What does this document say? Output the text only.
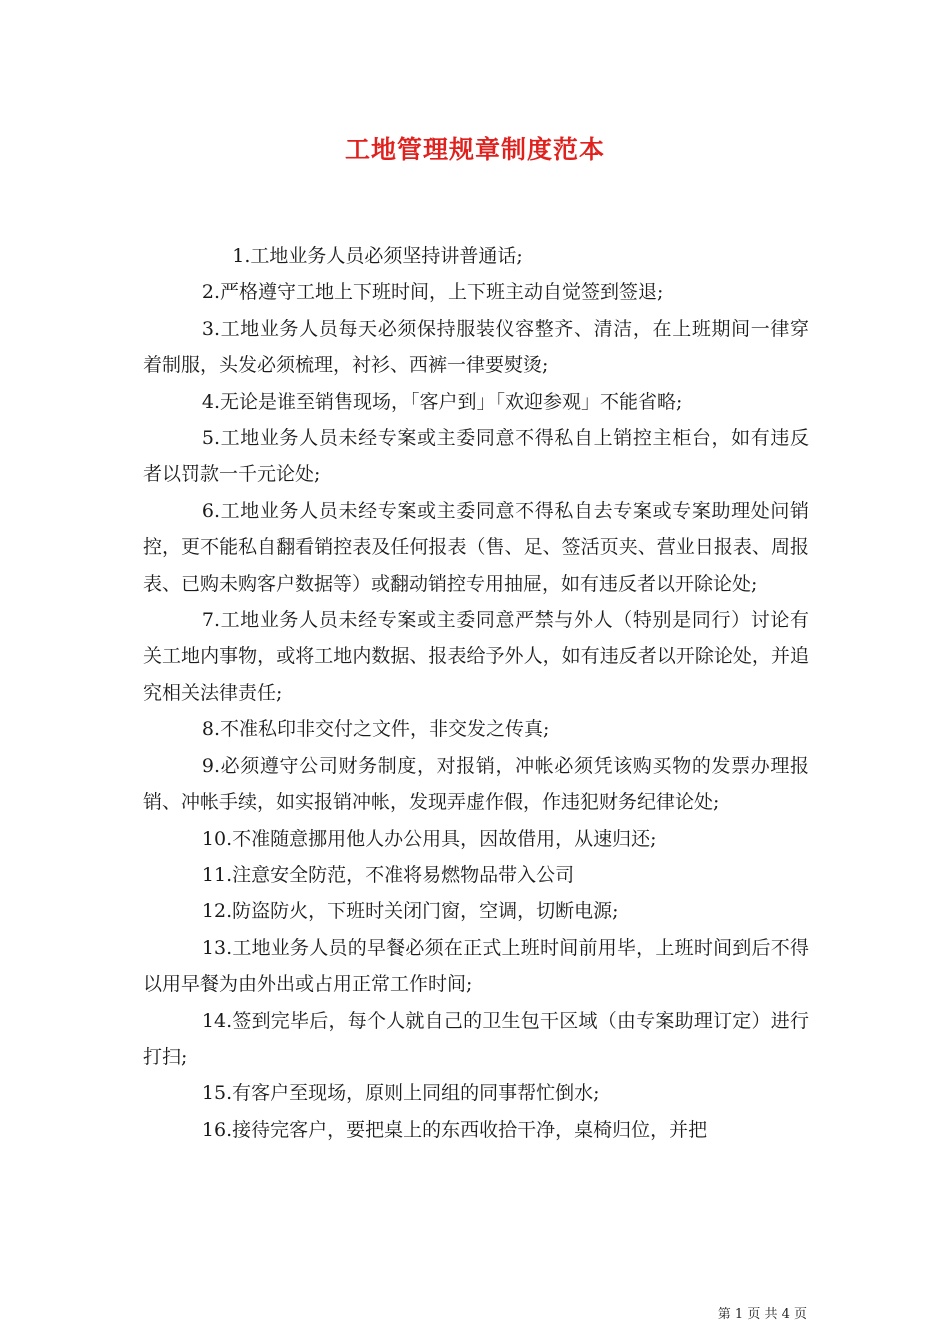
工地管理规章制度范本

1.工地业务人员必须坚持讲普通话;

2.严格遵守工地上下班时间，上下班主动自觉签到签退;

3.工地业务人员每天必须保持服装仪容整齐、清洁，在上班期间一律穿着制服，头发必须梳理，衬衫、西裤一律要熨烫;

4.无论是谁至销售现场，「客户到」「欢迎参观」不能省略;

5.工地业务人员未经专案或主委同意不得私自上销控主柜台，如有违反者以罚款一千元论处;

6.工地业务人员未经专案或主委同意不得私自去专案或专案助理处问销控，更不能私自翻看销控表及任何报表（售、足、签活页夹、营业日报表、周报表、已购未购客户数据等）或翻动销控专用抽屉，如有违反者以开除论处;

7.工地业务人员未经专案或主委同意严禁与外人（特别是同行）讨论有关工地内事物，或将工地内数据、报表给予外人，如有违反者以开除论处，并追究相关法律责任;

8.不准私印非交付之文件，非交发之传真;

9.必须遵守公司财务制度，对报销，冲帐必须凭该购买物的发票办理报销、冲帐手续，如实报销冲帐，发现弄虚作假，作违犯财务纪律论处;

10.不准随意挪用他人办公用具，因故借用，从速归还;

11.注意安全防范，不准将易燃物品带入公司

12.防盗防火，下班时关闭门窗，空调，切断电源;

13.工地业务人员的早餐必须在正式上班时间前用毕，上班时间到后不得以用早餐为由外出或占用正常工作时间;

14.签到完毕后，每个人就自己的卫生包干区域（由专案助理订定）进行打扫;

15.有客户至现场，原则上同组的同事帮忙倒水;

16.接待完客户，要把桌上的东西收拾干净，桌椅归位，并把

第 1 页 共 4 页
